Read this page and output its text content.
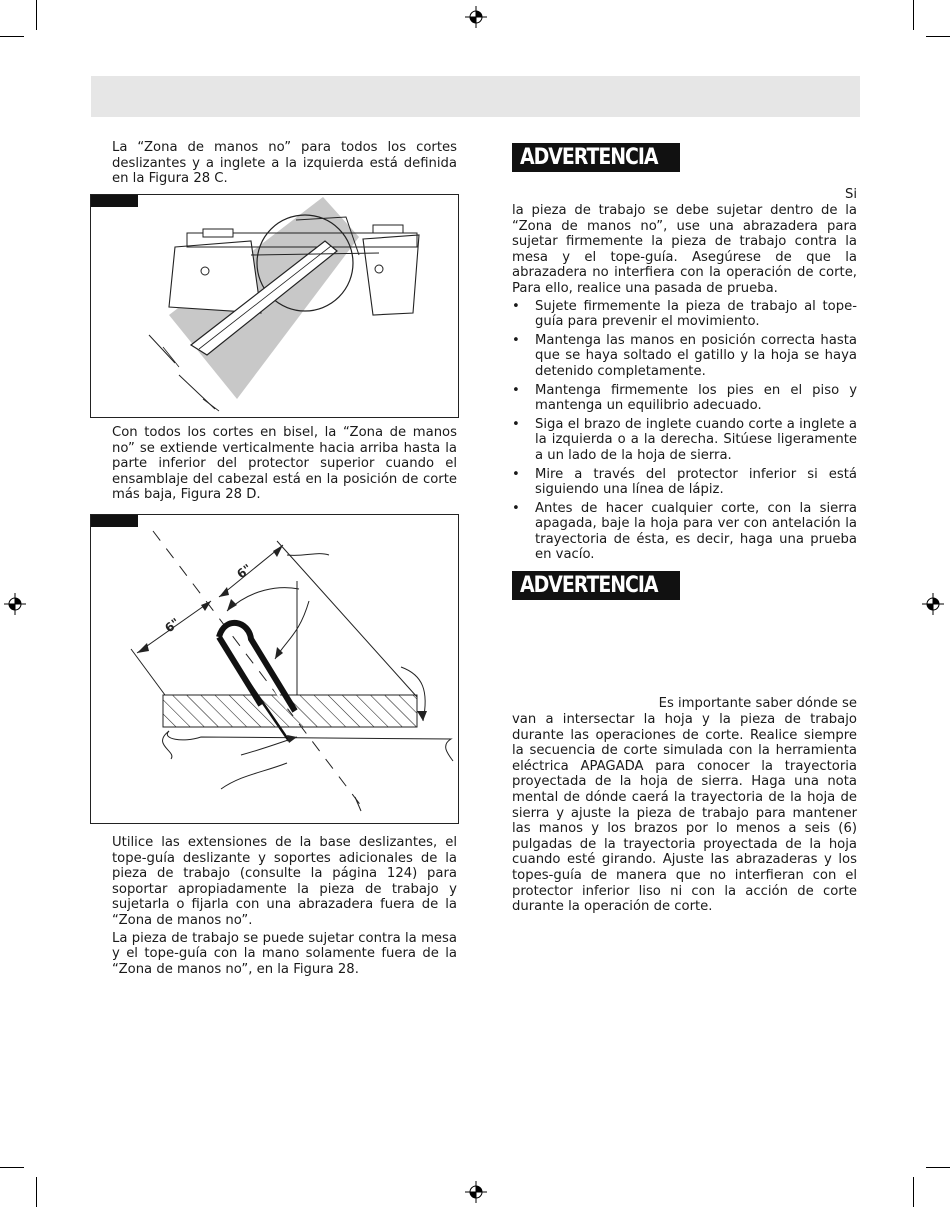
La “Zona de manos no” para todos los cortes deslizantes y a inglete a la izquierda está definida en la Figura 28 C.

Con todos los cortes en bisel, la “Zona de manos no” se extiende verticalmente hacia arriba hasta la parte inferior del protector superior cuando el ensamblaje del cabezal está en la posición de corte más baja, Figura 28 D.

6"
6"

Utilice las extensiones de la base deslizantes, el tope-guía deslizante y soportes adicionales de la pieza de trabajo (consulte la página 124) para soportar apropiadamente la pieza de trabajo y sujetarla o fijarla con una abrazadera fuera de la “Zona de manos no”.

La pieza de trabajo se puede sujetar contra la mesa y el tope-guía con la mano solamente fuera de la “Zona de manos no”, en la Figura 28.

ADVERTENCIA

Si

la pieza de trabajo se debe sujetar dentro de la “Zona de manos no”, use una abrazadera para sujetar firmemente la pieza de trabajo contra la mesa y el tope-guía. Asegúrese de que la abrazadera no interfiera con la operación de corte, Para ello, realice una pasada de prueba.

• Sujete firmemente la pieza de trabajo al tope-guía para prevenir el movimiento.
• Mantenga las manos en posición correcta hasta que se haya soltado el gatillo y la hoja se haya detenido completamente.
• Mantenga firmemente los pies en el piso y mantenga un equilibrio adecuado.
• Siga el brazo de inglete cuando corte a inglete a la izquierda o a la derecha. Sitúese ligeramente a un lado de la hoja de sierra.
• Mire a través del protector inferior si está siguiendo una línea de lápiz.
• Antes de hacer cualquier corte, con la sierra apagada, baje la hoja para ver con antelación la trayectoria de ésta, es decir, haga una prueba en vacío.
ADVERTENCIA

Es importante saber dónde se

van a intersectar la hoja y la pieza de trabajo durante las operaciones de corte. Realice siempre la secuencia de corte simulada con la herramienta eléctrica APAGADA para conocer la trayectoria proyectada de la hoja de sierra. Haga una nota mental de dónde caerá la trayectoria de la hoja de sierra y ajuste la pieza de trabajo para mantener las manos y los brazos por lo menos a seis (6) pulgadas de la trayectoria proyectada de la hoja cuando esté girando. Ajuste las abrazaderas y los topes-guía de manera que no interfieran con el protector inferior liso ni con la acción de corte durante la operación de corte.
